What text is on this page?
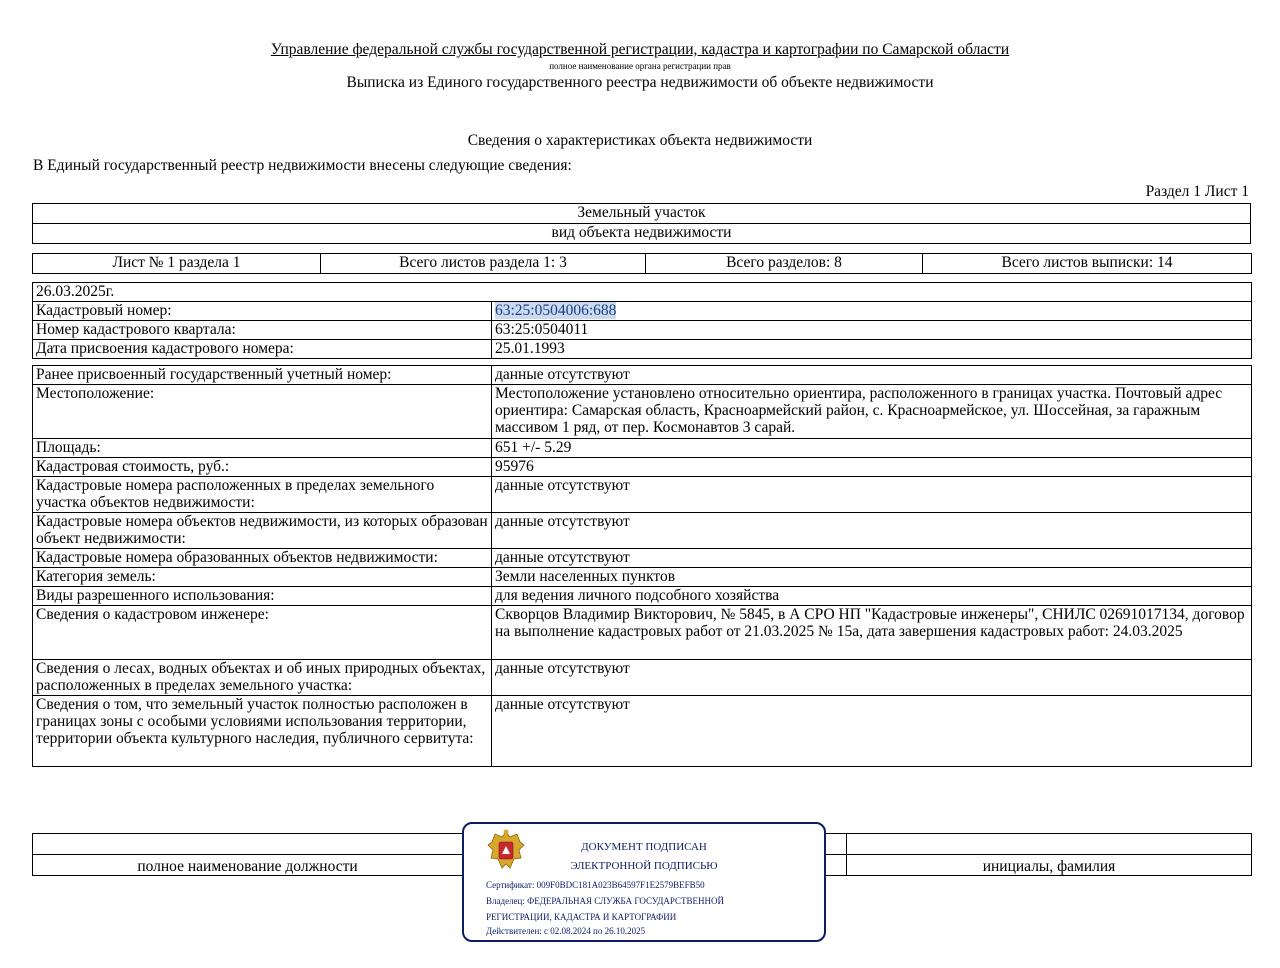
Управление федеральной службы государственной регистрации, кадастра и картографии по Самарской области
полное наименование органа регистрации прав
Выписка из Единого государственного реестра недвижимости об объекте недвижимости
Сведения о характеристиках объекта недвижимости
В Единый государственный реестр недвижимости внесены следующие сведения:
Раздел 1 Лист 1
Земельный участок
вид объекта недвижимости
Лист № 1 раздела 1	Всего листов раздела 1: 3	Всего разделов: 8	Всего листов выписки: 14
26.03.2025г.	
Кадастровый номер:	63:25:0504006:688
Номер кадастрового квартала:	63:25:0504011
Дата присвоения кадастрового номера:	25.01.1993

Ранее присвоенный государственный учетный номер:	данные отсутствуют
Местоположение:	Местоположение установлено относительно ориентира, расположенного в границах участка. Почтовый адрес ориентира: Самарская область, Красноармейский район, с. Красноармейское, ул. Шоссейная, за гаражным массивом 1 ряд, от пер. Космонавтов 3 сарай.
Площадь:	651 +/- 5.29
Кадастровая стоимость, руб.:	95976
Кадастровые номера расположенных в пределах земельного участка объектов недвижимости:	данные отсутствуют
Кадастровые номера объектов недвижимости, из которых образован объект недвижимости:	данные отсутствуют
Кадастровые номера образованных объектов недвижимости:	данные отсутствуют
Категория земель:	Земли населенных пунктов
Виды разрешенного использования:	для ведения личного подсобного хозяйства
Сведения о кадастровом инженере:	Скворцов Владимир Викторович, № 5845, в А СРО НП "Кадастровые инженеры", СНИЛС 02691017134, договор на выполнение кадастровых работ от 21.03.2025 № 15а, дата завершения кадастровых работ: 24.03.2025
Сведения о лесах, водных объектах и об иных природных объектах, расположенных в пределах земельного участка:	данные отсутствуют
Сведения о том, что земельный участок полностью расположен в границах зоны с особыми условиями использования территории, территории объекта культурного наследия, публичного сервитута:	данные отсутствуют

полное наименование должности		инициалы, фамилия
ДОКУМЕНТ ПОДПИСАН
ЭЛЕКТРОННОЙ ПОДПИСЬЮ
Сертификат: 009F0BDC181A023B64597F1E2579BEFB50
Владелец: ФЕДЕРАЛЬНАЯ СЛУЖБА ГОСУДАРСТВЕННОЙ
РЕГИСТРАЦИИ, КАДАСТРА И КАРТОГРАФИИ
Действителен: с 02.08.2024 по 26.10.2025
